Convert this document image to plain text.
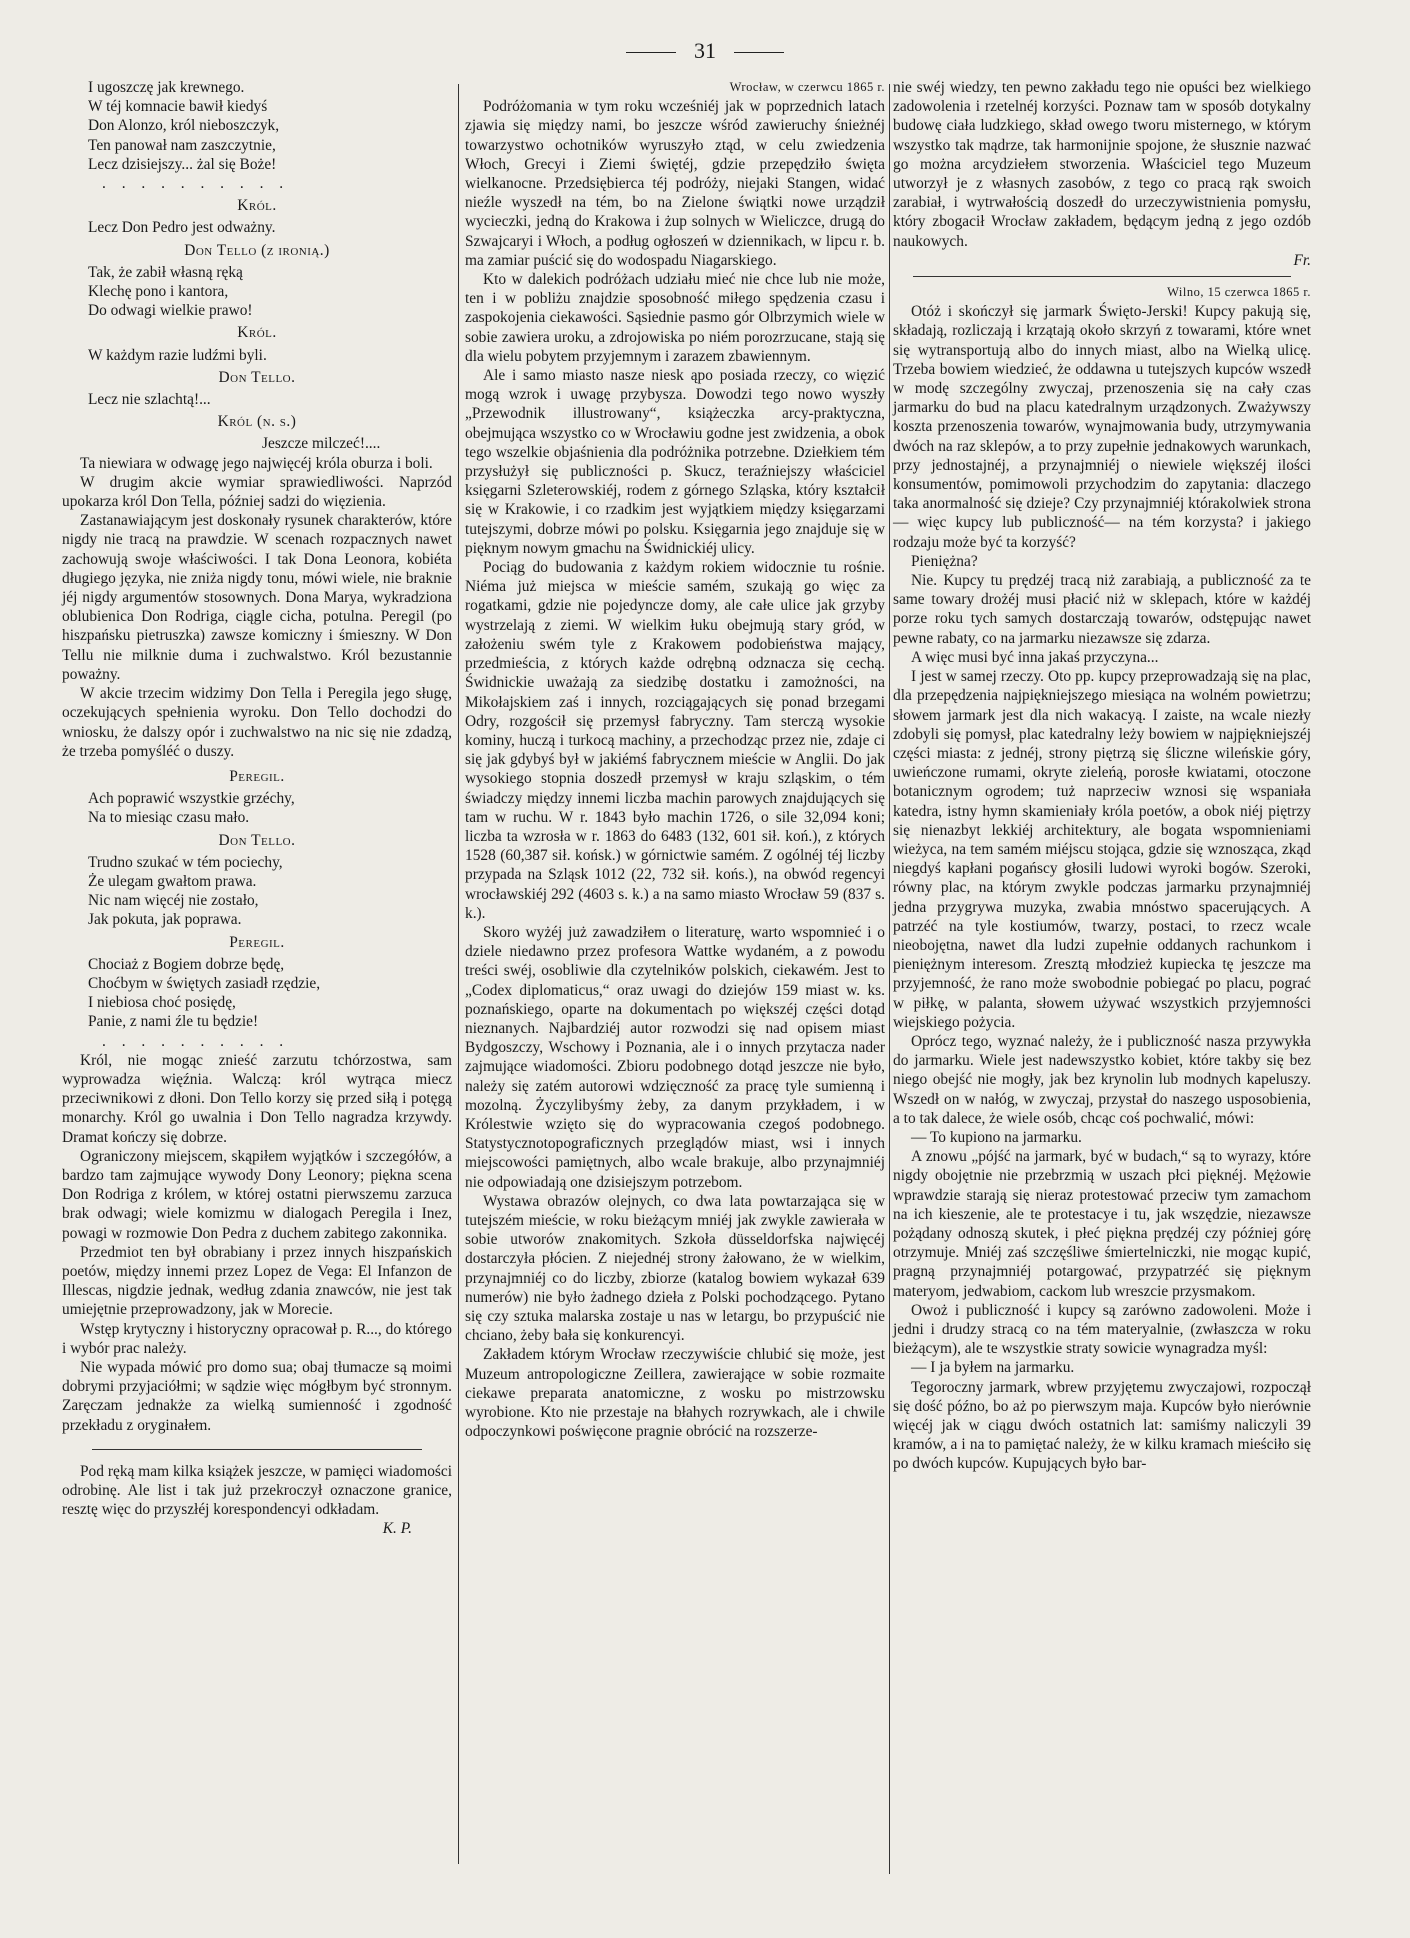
31
I ugoszczę jak krewnego.
W téj komnacie bawił kiedyś
Don Alonzo, król nieboszczyk,
Ten panował nam zaszczytnie,
Lecz dzisiejszy... żal się Boże!
. . . . . . . . . .
Król.
Lecz Don Pedro jest odważny.
Don Tello (z ironią.)
Tak, że zabił własną ręką
Klechę pono i kantora,
Do odwagi wielkie prawo!
Król.
W każdym razie ludźmi byli.
Don Tello.
Lecz nie szlachtą!...
Król (n. s.)
Jeszcze milczeć!....

Ta niewiara w odwagę jego najwięcéj króla oburza i boli.

W drugim akcie wymiar sprawiedliwości. Naprzód upokarza król Don Tella, później sadzi do więzienia.

Zastanawiającym jest doskonały rysunek charakterów, które nigdy nie tracą na prawdzie. W scenach rozpacznych nawet zachowują swoje właściwości. I tak Dona Leonora, kobiéta długiego języka, nie zniża nigdy tonu, mówi wiele, nie braknie jéj nigdy argumentów stosownych. Dona Marya, wykradziona oblubienica Don Rodriga, ciągle cicha, potulna. Peregil (po hiszpańsku pietruszka) zawsze komiczny i śmieszny. W Don Tellu nie milknie duma i zuchwalstwo. Król bezustannie poważny.

W akcie trzecim widzimy Don Tella i Peregila jego sługę, oczekujących spełnienia wyroku. Don Tello dochodzi do wniosku, że dalszy opór i zuchwalstwo na nic się nie zdadzą, że trzeba pomyśléć o duszy.

Peregil.
Ach poprawić wszystkie grzéchy,
Na to miesiąc czasu mało.
Don Tello.
Trudno szukać w tém pociechy,
Że ulegam gwałtom prawa.
Nic nam więcéj nie zostało,
Jak pokuta, jak poprawa.
Peregil.
Chociaż z Bogiem dobrze będę,
Choćbym w świętych zasiadł rzędzie,
I niebiosa choć posiędę,
Panie, z nami źle tu będzie!
. . . . . . . . . .

Król, nie mogąc znieść zarzutu tchórzostwa, sam wyprowadza więźnia. Walczą: król wytrąca miecz przeciwnikowi z dłoni. Don Tello korzy się przed siłą i potęgą monarchy. Król go uwalnia i Don Tello nagradza krzywdy. Dramat kończy się dobrze.

Ograniczony miejscem, skąpiłem wyjątków i szczegółów, a bardzo tam zajmujące wywody Dony Leonory; piękna scena Don Rodriga z królem, w której ostatni pierwszemu zarzuca brak odwagi; wiele komizmu w dialogach Peregila i Inez, powagi w rozmowie Don Pedra z duchem zabitego zakonnika.

Przedmiot ten był obrabiany i przez innych hiszpańskich poetów, między innemi przez Lopez de Vega: El Infanzon de Illescas, nigdzie jednak, według zdania znawców, nie jest tak umiejętnie przeprowadzony, jak w Morecie.

Wstęp krytyczny i historyczny opracował p. R..., do którego i wybór prac należy.

Nie wypada mówić pro domo sua; obaj tłumacze są moimi dobrymi przyjaciółmi; w sądzie więc mógłbym być stronnym. Zaręczam jednakże za wielką sumienność i zgodność przekładu z oryginałem.

Pod ręką mam kilka książek jeszcze, w pamięci wiadomości odrobinę. Ale list i tak już przekroczył oznaczone granice, resztę więc do przyszłéj korespondencyi odkładam.

K. P.
Wrocław, w czerwcu 1865 r.

Podróżomania w tym roku wcześniéj jak w poprzednich latach zjawia się między nami, bo jeszcze wśród zawieruchy śnieżnéj towarzystwo ochotników wyruszyło ztąd, w celu zwiedzenia Włoch, Grecyi i Ziemi świętéj, gdzie przepędziło święta wielkanocne. Przedsiębierca téj podróży, niejaki Stangen, widać nieźle wyszedł na tém, bo na Zielone świątki nowe urządził wycieczki, jedną do Krakowa i żup solnych w Wieliczce, drugą do Szwajcaryi i Włoch, a podług ogłoszeń w dziennikach, w lipcu r. b. ma zamiar puścić się do wodospadu Niagarskiego.

Kto w dalekich podróżach udziału mieć nie chce lub nie może, ten i w pobliżu znajdzie sposobność miłego spędzenia czasu i zaspokojenia ciekawości. Sąsiednie pasmo gór Olbrzymich wiele w sobie zawiera uroku, a zdrojowiska po niém porozrzucane, stają się dla wielu pobytem przyjemnym i zarazem zbawiennym.

Ale i samo miasto nasze niesk ąpo posiada rzeczy, co więzić mogą wzrok i uwagę przybysza. Dowodzi tego nowo wyszły „Przewodnik illustrowany“, książeczka arcy-praktyczna, obejmująca wszystko co w Wrocławiu godne jest zwidzenia, a obok tego wszelkie objaśnienia dla podróżnika potrzebne. Dziełkiem tém przysłużył się publiczności p. Skucz, teraźniejszy właściciel księgarni Szleterowskiéj, rodem z górnego Szląska, który kształcił się w Krakowie, i co rzadkim jest wyjątkiem między księgarzami tutejszymi, dobrze mówi po polsku. Księgarnia jego znajduje się w pięknym nowym gmachu na Świdnickiéj ulicy.

Pociąg do budowania z każdym rokiem widocznie tu rośnie. Niéma już miejsca w mieście samém, szukają go więc za rogatkami, gdzie nie pojedyncze domy, ale całe ulice jak grzyby wystrzelają z ziemi. W wielkim łuku obejmują stary gród, w założeniu swém tyle z Krakowem podobieństwa mający, przedmieścia, z których każde odrębną odznacza się cechą. Świdnickie uważają za siedzibę dostatku i zamożności, na Mikołajskiem zaś i innych, rozciągających się ponad brzegami Odry, rozgościł się przemysł fabryczny. Tam sterczą wysokie kominy, huczą i turkocą machiny, a przechodząc przez nie, zdaje ci się jak gdybyś był w jakiémś fabrycznem mieście w Anglii. Do jak wysokiego stopnia doszedł przemysł w kraju szląskim, o tém świadczy między innemi liczba machin parowych znajdujących się tam w ruchu. W r. 1843 było machin 1726, o sile 32,094 koni; liczba ta wzrosła w r. 1863 do 6483 (132, 601 sił. koń.), z których 1528 (60,387 sił. końsk.) w górnictwie samém. Z ogólnéj téj liczby przypada na Szląsk 1012 (22, 732 sił. końs.), na obwód regencyi wrocławskiéj 292 (4603 s. k.) a na samo miasto Wrocław 59 (837 s. k.).

Skoro wyżéj już zawadziłem o literaturę, warto wspomnieć i o dziele niedawno przez profesora Wattke wydaném, a z powodu treści swéj, osobliwie dla czytelników polskich, ciekawém. Jest to „Codex diplomaticus,“ oraz uwagi do dziejów 159 miast w. ks. poznańskiego, oparte na dokumentach po większéj części dotąd nieznanych. Najbardziéj autor rozwodzi się nad opisem miast Bydgoszczy, Wschowy i Poznania, ale i o innych przytacza nader zajmujące wiadomości. Zbioru podobnego dotąd jeszcze nie było, należy się zatém autorowi wdzięczność za pracę tyle sumienną i mozolną. Życzylibyśmy żeby, za danym przykładem, i w Królestwie wzięto się do wypracowania czegoś podobnego. Statystycznotopograficznych przeglądów miast, wsi i innych miejscowości pamiętnych, albo wcale brakuje, albo przynajmniéj nie odpowiadają one dzisiejszym potrzebom.

Wystawa obrazów olejnych, co dwa lata powtarzająca się w tutejszém mieście, w roku bieżącym mniéj jak zwykle zawierała w sobie utworów znakomitych. Szkoła düsseldorfska najwięcéj dostarczyła płócien. Z niejednéj strony żałowano, że w wielkim, przynajmniéj co do liczby, zbiorze (katalog bowiem wykazał 639 numerów) nie było żadnego dzieła z Polski pochodzącego. Pytano się czy sztuka malarska zostaje u nas w letargu, bo przypuścić nie chciano, żeby bała się konkurencyi.

Zakładem którym Wrocław rzeczywiście chlubić się może, jest Muzeum antropologiczne Zeillera, zawierające w sobie rozmaite ciekawe preparata anatomiczne, z wosku po mistrzowsku wyrobione. Kto nie przestaje na błahych rozrywkach, ale i chwile odpoczynkowi poświęcone pragnie obrócić na rozszerze-

nie swéj wiedzy, ten pewno zakładu tego nie opuści bez wielkiego zadowolenia i rzetelnéj korzyści. Poznaw tam w sposób dotykalny budowę ciała ludzkiego, skład owego tworu misternego, w którym wszystko tak mądrze, tak harmonijnie spojone, że słusznie nazwać go można arcydziełem stworzenia. Właściciel tego Muzeum utworzył je z własnych zasobów, z tego co pracą rąk swoich zarabiał, i wytrwałością doszedł do urzeczywistnienia pomysłu, który zbogacił Wrocław zakładem, będącym jedną z jego ozdób naukowych.

Fr.
Wilno, 15 czerwca 1865 r.

Otóż i skończył się jarmark Święto-Jerski! Kupcy pakują się, składają, rozliczają i krzątają około skrzyń z towarami, które wnet się wytransportują albo do innych miast, albo na Wielką ulicę. Trzeba bowiem wiedzieć, że oddawna u tutejszych kupców wszedł w modę szczególny zwyczaj, przenoszenia się na cały czas jarmarku do bud na placu katedralnym urządzonych. Zważywszy koszta przenoszenia towarów, wynajmowania budy, utrzymywania dwóch na raz sklepów, a to przy zupełnie jednakowych warunkach, przy jednostajnéj, a przynajmniéj o niewiele większéj ilości konsumentów, pomimowoli przychodzim do zapytania: dlaczego taka anormalność się dzieje? Czy przynajmniéj którakolwiek strona — więc kupcy lub publiczność— na tém korzysta? i jakiego rodzaju może być ta korzyść?

Pieniężna?

Nie. Kupcy tu prędzéj tracą niż zarabiają, a publiczność za te same towary drożéj musi płacić niż w sklepach, które w każdéj porze roku tych samych dostarczają towarów, odstępując nawet pewne rabaty, co na jarmarku niezawsze się zdarza.

A więc musi być inna jakaś przyczyna...

I jest w samej rzeczy. Oto pp. kupcy przeprowadzają się na plac, dla przepędzenia najpiękniejszego miesiąca na wolném powietrzu; słowem jarmark jest dla nich wakacyą. I zaiste, na wcale niezły zdobyli się pomysł, plac katedralny leży bowiem w najpiękniejszéj części miasta: z jednéj, strony piętrzą się śliczne wileńskie góry, uwieńczone rumami, okryte zieleńą, porosłe kwiatami, otoczone botanicznym ogrodem; tuż naprzeciw wznosi się wspaniała katedra, istny hymn skamieniały króla poetów, a obok niéj piętrzy się nienazbyt lekkiéj architektury, ale bogata wspomnieniami wieżyca, na tem samém miéjscu stojąca, gdzie się wznosząca, zkąd niegdyś kapłani pogańscy głosili ludowi wyroki bogów. Szeroki, równy plac, na którym zwykle podczas jarmarku przynajmniéj jedna przygrywa muzyka, zwabia mnóstwo spacerujących. A patrzéć na tyle kostiumów, twarzy, postaci, to rzecz wcale nieobojętna, nawet dla ludzi zupełnie oddanych rachunkom i pieniężnym interesom. Zresztą młodzież kupiecka tę jeszcze ma przyjemność, że rano może swobodnie pobiegać po placu, pograć w piłkę, w palanta, słowem używać wszystkich przyjemności wiejskiego pożycia.

Oprócz tego, wyznać należy, że i publiczność nasza przywykła do jarmarku. Wiele jest nadewszystko kobiet, które takby się bez niego obejść nie mogły, jak bez krynolin lub modnych kapeluszy. Wszedł on w nałóg, w zwyczaj, przystał do naszego usposobienia, a to tak dalece, że wiele osób, chcąc coś pochwalić, mówi:

— To kupiono na jarmarku.

A znowu „pójść na jarmark, być w budach,“ są to wyrazy, które nigdy obojętnie nie przebrzmią w uszach płci pięknéj. Mężowie wprawdzie starają się nieraz protestować przeciw tym zamachom na ich kieszenie, ale te protestacye i tu, jak wszędzie, niezawsze pożądany odnoszą skutek, i płeć piękna prędzéj czy później górę otrzymuje. Mniéj zaś szczęśliwe śmiertelniczki, nie mogąc kupić, pragną przynajmniéj potargować, przypatrzéć się pięknym materyom, jedwabiom, cackom lub wreszcie przysmakom.

Owoż i publiczność i kupcy są zarówno zadowoleni. Może i jedni i drudzy stracą co na tém materyalnie, (zwłaszcza w roku bieżącym), ale te wszystkie straty sowicie wynagradza myśl:

— I ja byłem na jarmarku.

Tegoroczny jarmark, wbrew przyjętemu zwyczajowi, rozpoczął się dość późno, bo aż po pierwszym maja. Kupców było nierównie więcéj jak w ciągu dwóch ostatnich lat: samiśmy naliczyli 39 kramów, a i na to pamiętać należy, że w kilku kramach mieściło się po dwóch kupców. Kupujących było bar-
